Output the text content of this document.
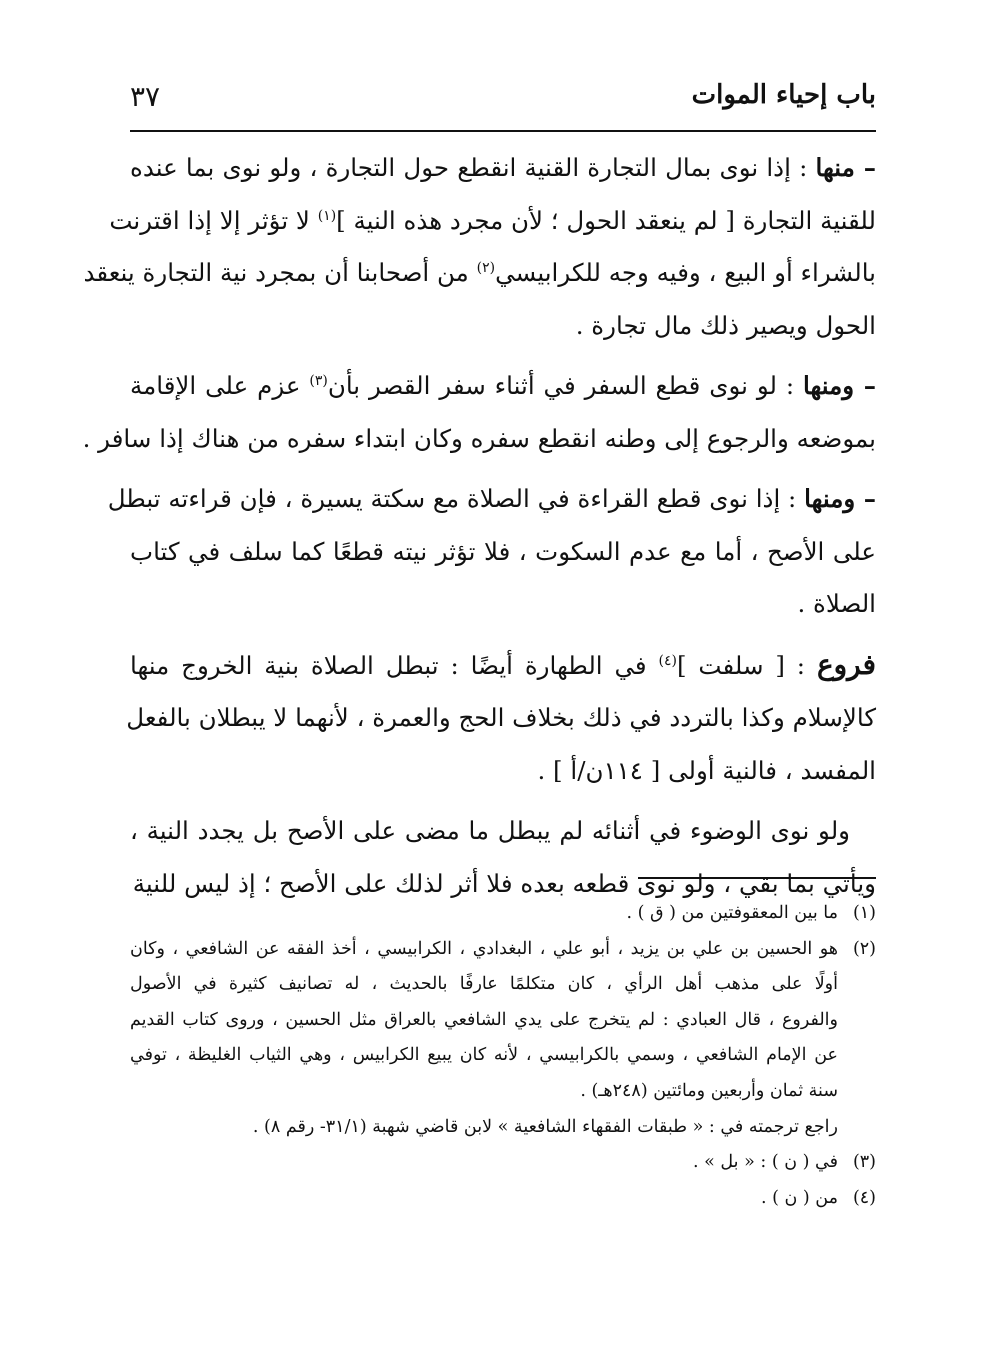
باب إحياء الموات
٣٧
– منها : إذا نوى بمال التجارة القنية انقطع حول التجارة ، ولو نوى بما عنده
للقنية التجارة [ لم ينعقد الحول ؛ لأن مجرد هذه النية ]$^{(١)}$ لا تؤثر إلا إذا اقترنت
بالشراء أو البيع ، وفيه وجه للكرابيسي$^{(٢)}$ من أصحابنا أن بمجرد نية التجارة ينعقد
الحول ويصير ذلك مال تجارة .
– ومنها : لو نوى قطع السفر في أثناء سفر القصر بأن$^{(٣)}$ عزم على الإقامة
بموضعه والرجوع إلى وطنه انقطع سفره وكان ابتداء سفره من هناك إذا سافر .
– ومنها : إذا نوى قطع القراءة في الصلاة مع سكتة يسيرة ، فإن قراءته تبطل
على الأصح ، أما مع عدم السكوت ، فلا تؤثر نيته قطعًا كما سلف في كتاب
الصلاة .
فروع : [ سلفت ]$^{(٤)}$ في الطهارة أيضًا : تبطل الصلاة بنية الخروج منها
كالإسلام وكذا بالتردد في ذلك بخلاف الحج والعمرة ، لأنهما لا يبطلان بالفعل
المفسد ، فالنية أولى [ ١١٤ن/أ ] .
ولو نوى الوضوء في أثنائه لم يبطل ما مضى على الأصح بل يجدد النية ،
ويأتي بما بقي ، ولو نوى قطعه بعده فلا أثر لذلك على الأصح ؛ إذ ليس للنية
(١)
ما بين المعقوفتين من ( ق ) .
(٢)
هو الحسين بن علي بن يزيد ، أبو علي ، البغدادي ، الكرابيسي ، أخذ الفقه عن الشافعي ، وكان
أولًا على مذهب أهل الرأي ، كان متكلمًا عارفًا بالحديث ، له تصانيف كثيرة في الأصول
والفروع ، قال العبادي : لم يتخرج على يدي الشافعي بالعراق مثل الحسين ، وروى كتاب القديم
عن الإمام الشافعي ، وسمي بالكرابيسي ، لأنه كان يبيع الكرابيس ، وهي الثياب الغليظة ، توفي
سنة ثمان وأربعين ومائتين (٢٤٨هـ) .
راجع ترجمته في : « طبقات الفقهاء الشافعية » لابن قاضي شهبة (٣١/١- رقم ٨) .
(٣)
في ( ن ) : « بل » .
(٤)
من ( ن ) .
